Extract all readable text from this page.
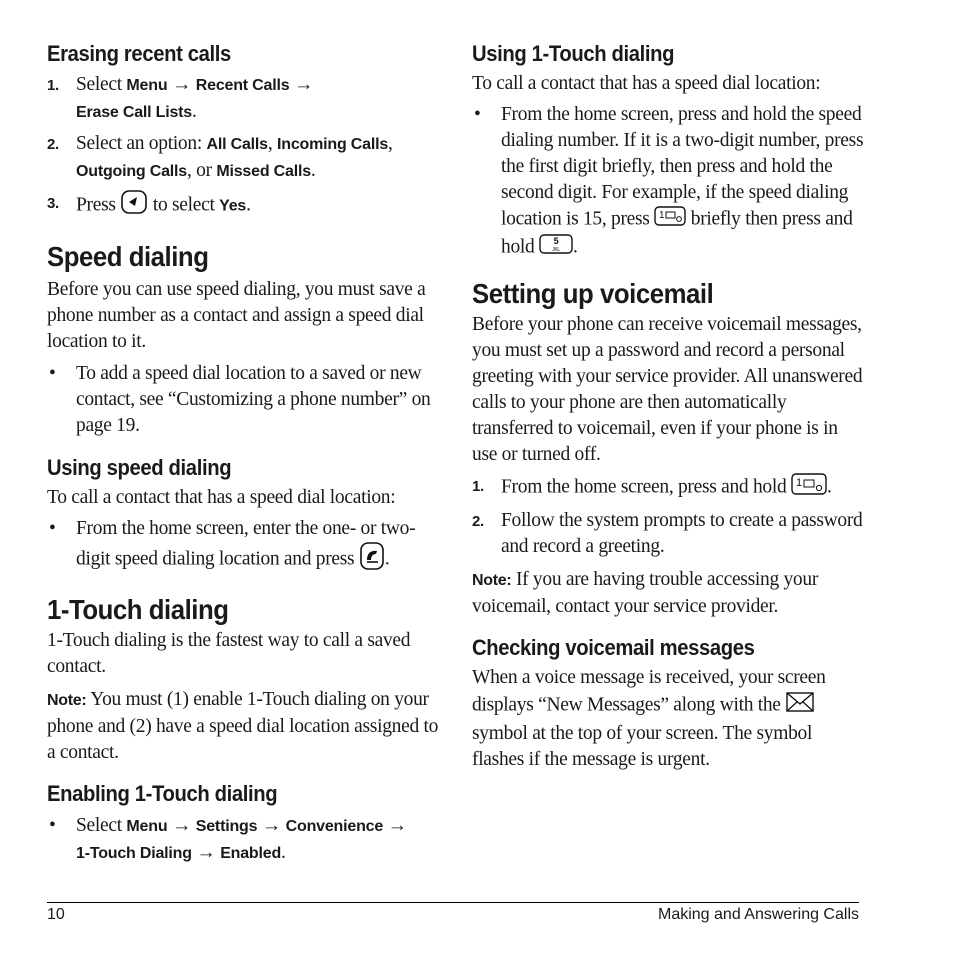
Erasing recent calls
1. Select Menu → Recent Calls →
Erase Call Lists.
2. Select an option: All Calls, Incoming Calls,
Outgoing Calls, or Missed Calls.
3. Press  to select Yes.
Speed dialing

Before you can use speed dialing, you must save a phone number as a contact and assign a speed dial location to it.

• To add a speed dial location to a saved or new contact, see “Customizing a phone number” on page 19.
Using speed dialing

To call a contact that has a speed dial location:

• From the home screen, enter the one- or two-digit speed dialing location and press .
1-Touch dialing

1-Touch dialing is the fastest way to call a saved contact.

Note: You must (1) enable 1-Touch dialing on your phone and (2) have a speed dial location assigned to a contact.

Enabling 1-Touch dialing
• Select Menu → Settings → Convenience →
1-Touch Dialing → Enabled.
Using 1-Touch dialing

To call a contact that has a speed dial location:

• From the home screen, press and hold the speed dialing number. If it is a two-digit number, press the first digit briefly, then press and hold the second digit. For example, if the speed dialing location is 15, press 1 briefly then press and hold 5
JKL .
Setting up voicemail

Before your phone can receive voicemail messages, you must set up a password and record a personal greeting with your service provider. All unanswered calls to your phone are then automatically transferred to voicemail, even if your phone is in use or turned off.

1. From the home screen, press and hold 1 .
2. Follow the system prompts to create a password and record a greeting.

Note: If you are having trouble accessing your voicemail, contact your service provider.

Checking voicemail messages

When a voice message is received, your screen displays “New Messages” along with the  symbol at the top of your screen. The symbol flashes if the message is urgent.

10	Making and Answering Calls
